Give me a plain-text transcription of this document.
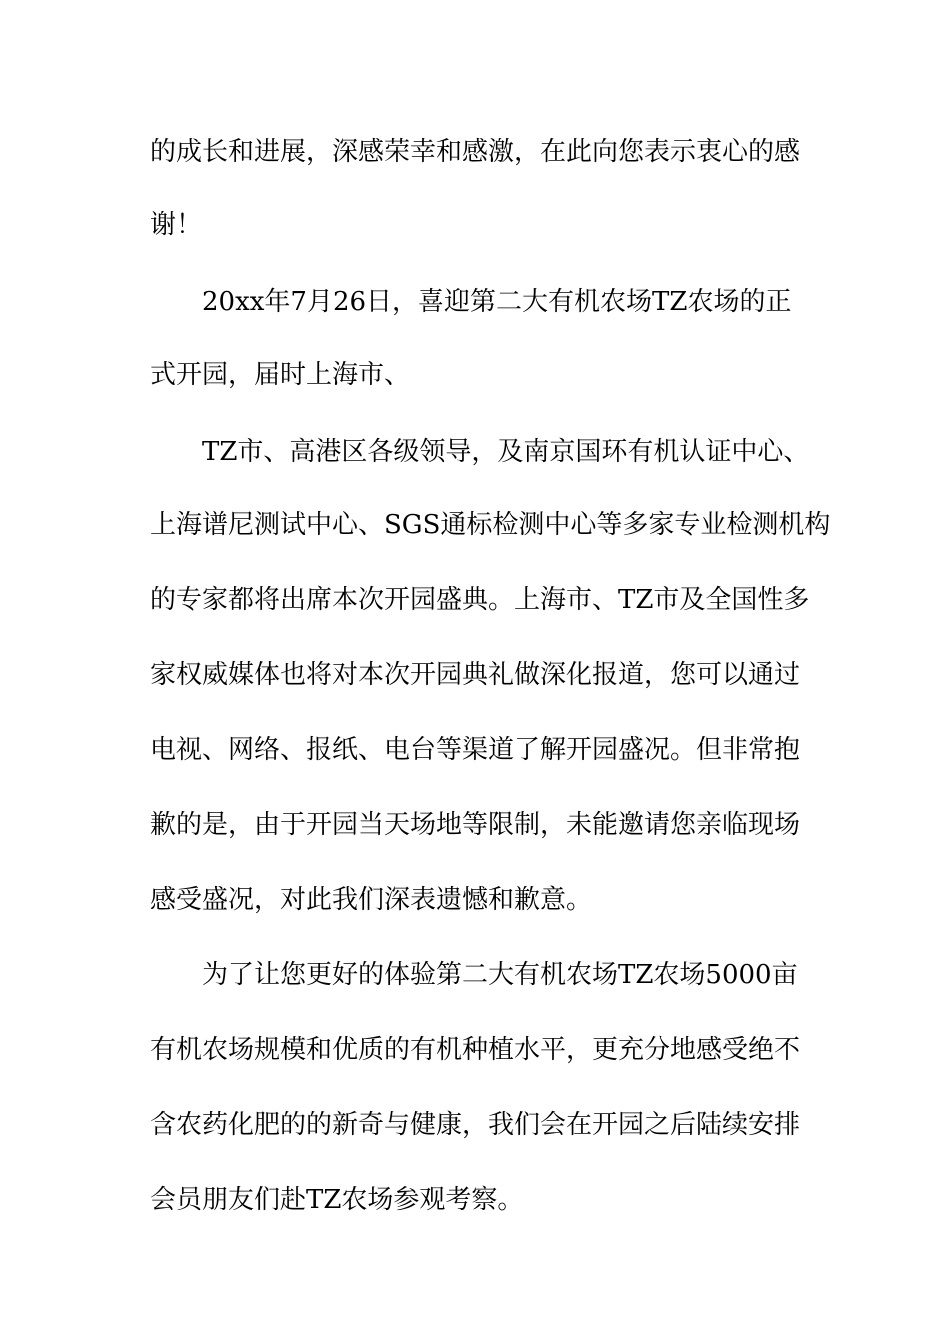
的成长和进展，深感荣幸和感激，在此向您表示衷心的感
谢！
20xx年7月26日，喜迎第二大有机农场TZ农场的正
式开园，届时上海市、
TZ市、高港区各级领导，及南京国环有机认证中心、
上海谱尼测试中心、SGS通标检测中心等多家专业检测机构
的专家都将出席本次开园盛典。上海市、TZ市及全国性多
家权威媒体也将对本次开园典礼做深化报道，您可以通过
电视、网络、报纸、电台等渠道了解开园盛况。但非常抱
歉的是，由于开园当天场地等限制，未能邀请您亲临现场
感受盛况，对此我们深表遗憾和歉意。
为了让您更好的体验第二大有机农场TZ农场5000亩
有机农场规模和优质的有机种植水平，更充分地感受绝不
含农药化肥的的新奇与健康，我们会在开园之后陆续安排
会员朋友们赴TZ农场参观考察。
